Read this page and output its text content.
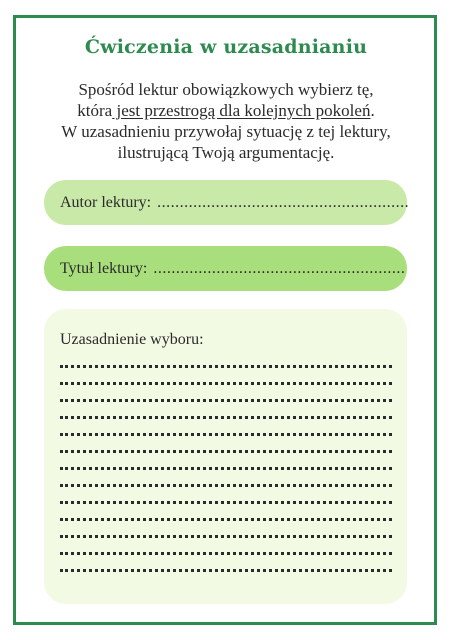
Ćwiczenia w uzasadnianiu
Spośród lektur obowiązkowych wybierz tę,
która jest przestrogą dla kolejnych pokoleń.
W uzasadnieniu przywołaj sytuację z tej lektury,
ilustrującą Twoją argumentację.
Autor lektury: ........................................................
Tytuł lektury: ........................................................
Uzasadnienie wyboru:
